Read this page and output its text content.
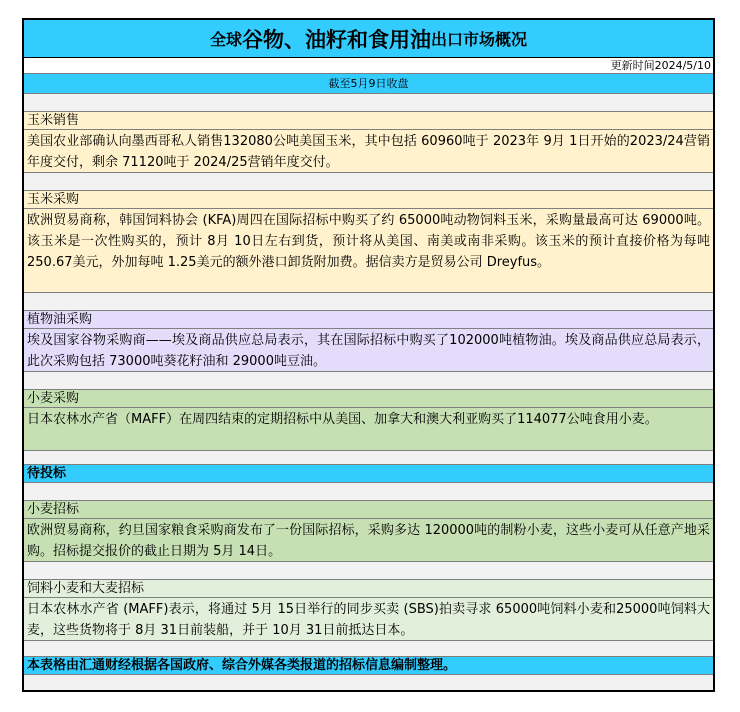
全球 谷物、油籽和食用油 出口市场概况
更新时间2024/5/10
截至5月9日收盘
玉米销售
美国农业部确认向墨西哥私人销售132080公吨美国玉米，其中包括 60960吨于 2023年 9月 1日开始的2023/24营销年度交付，剩余 71120吨于 2024/25营销年度交付。
玉米采购
欧洲贸易商称，韩国饲料协会 (KFA)周四在国际招标中购买了约 65000吨动物饲料玉米，采购量最高可达 69000吨。该玉米是一次性购买的，预计 8月 10日左右到货，预计将从美国、南美或南非采购。该玉米的预计直接价格为每吨 250.67美元，外加每吨 1.25美元的额外港口卸货附加费。据信卖方是贸易公司 Dreyfus。
植物油采购
埃及国家谷物采购商——埃及商品供应总局表示，其在国际招标中购买了102000吨植物油。埃及商品供应总局表示，此次采购包括 73000吨葵花籽油和 29000吨豆油。
小麦采购
日本农林水产省（MAFF）在周四结束的定期招标中从美国、加拿大和澳大利亚购买了114077公吨食用小麦。
待投标
小麦招标
欧洲贸易商称，约旦国家粮食采购商发布了一份国际招标，采购多达 120000吨的制粉小麦，这些小麦可从任意产地采购。招标提交报价的截止日期为 5月 14日。
饲料小麦和大麦招标
日本农林水产省 (MAFF)表示，将通过 5月 15日举行的同步买卖 (SBS)拍卖寻求 65000吨饲料小麦和25000吨饲料大麦，这些货物将于 8月 31日前装船，并于 10月 31日前抵达日本。
本表格由汇通财经根据各国政府、综合外媒各类报道的招标信息编制整理。
